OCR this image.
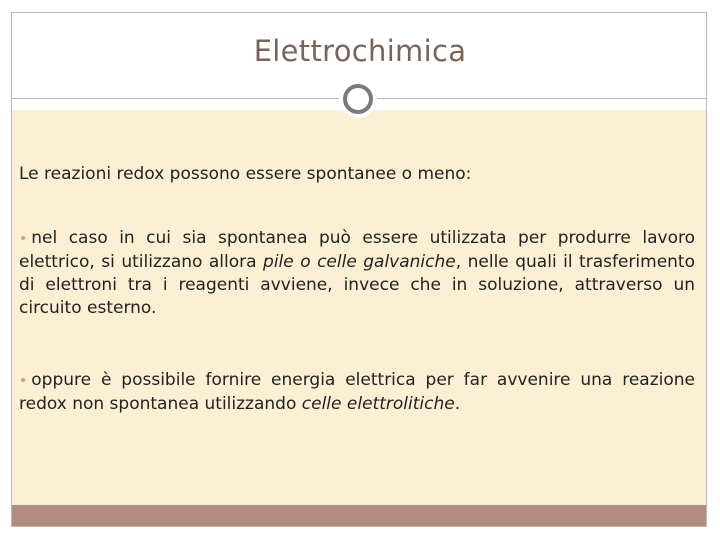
Elettrochimica
Le reazioni redox possono essere spontanee o meno:
• nel caso in cui sia spontanea può essere utilizzata per produrre lavoro elettrico, si utilizzano allora pile o celle galvaniche, nelle quali il trasferimento di elettroni tra i reagenti avviene, invece che in soluzione, attraverso un circuito esterno.
• oppure è possibile fornire energia elettrica per far avvenire una reazione redox non spontanea utilizzando celle elettrolitiche.
